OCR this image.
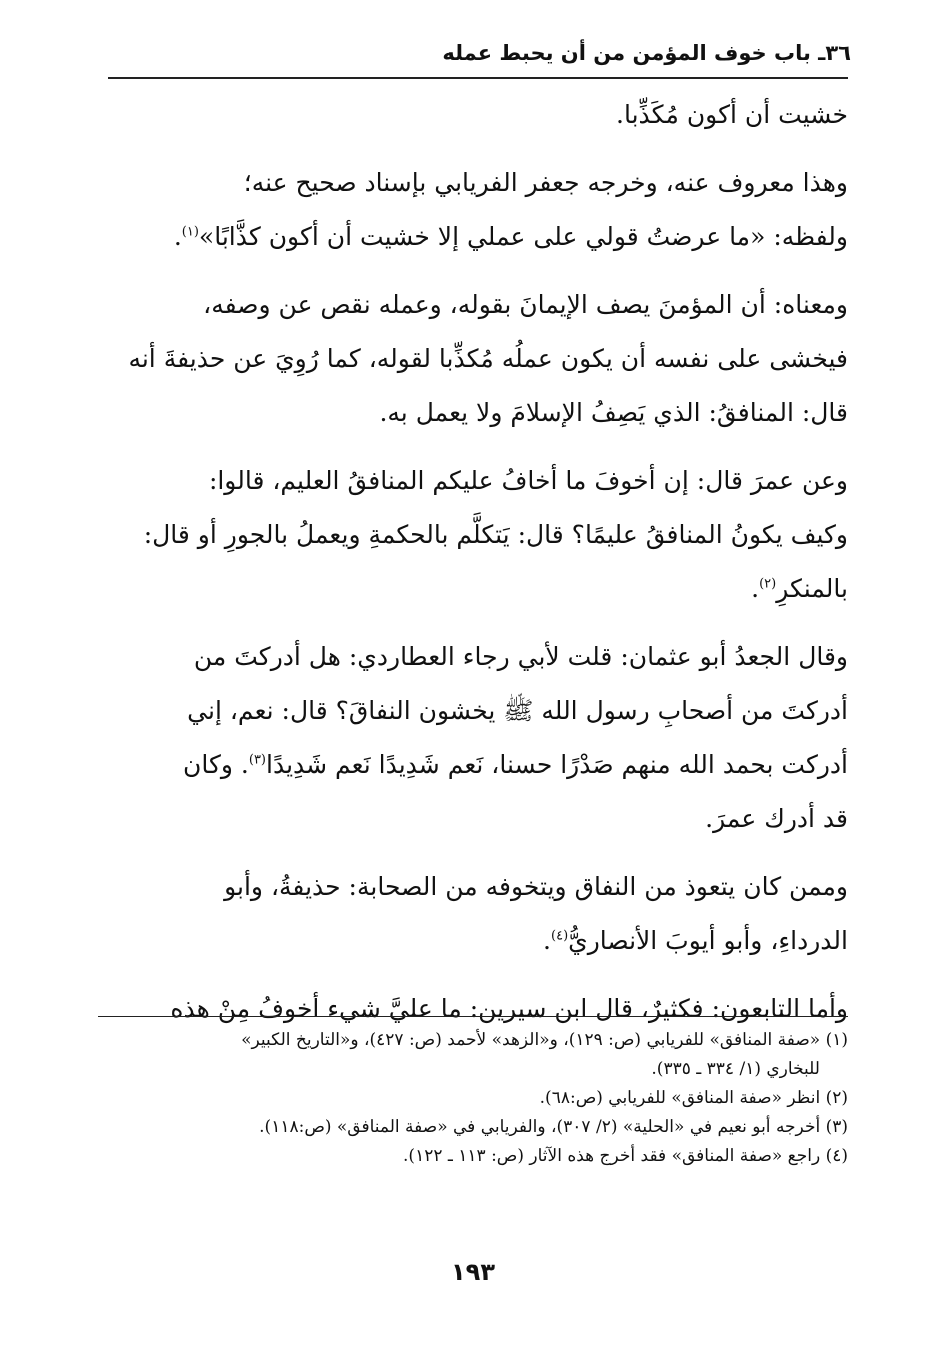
٣٦ـ باب خوف المؤمن من أن يحبط عمله
خشيت أن أكون مُكَذِّبا.
وهذا معروف عنه، وخرجه جعفر الفريابي بإسناد صحيح عنه؛
ولفظه: «ما عرضتُ قولي على عملي إلا خشيت أن أكون كذَّابًا»$^{(١)}$.
ومعناه: أن المؤمنَ يصف الإيمانَ بقوله، وعمله نقص عن وصفه،
فيخشى على نفسه أن يكون عملُه مُكذِّبا لقوله، كما رُوِيَ عن حذيفةَ أنه
قال: المنافقُ: الذي يَصِفُ الإسلامَ ولا يعمل به.
وعن عمرَ قال: إن أخوفَ ما أخافُ عليكم المنافقُ العليم، قالوا:
وكيف يكونُ المنافقُ عليمًا؟ قال: يَتكلَّم بالحكمةِ ويعملُ بالجورِ أو قال:
بالمنكرِ$^{(٢)}$.
وقال الجعدُ أبو عثمان: قلت لأبي رجاء العطاردي: هل أدركتَ من
أدركتَ من أصحابِ رسول الله ﷺ يخشون النفاقَ؟ قال: نعم، إني
أدركت بحمد الله منهم صَدْرًا حسنا، نَعم شَدِيدًا نَعم شَدِيدًا$^{(٣)}$. وكان
قد أدرك عمرَ.
وممن كان يتعوذ من النفاق ويتخوفه من الصحابة: حذيفةُ، وأبو
الدرداءِ، وأبو أيوبَ الأنصاريُّ$^{(٤)}$.
وأما التابعون: فكثيرٌ، قال ابن سيرين: ما عليَّ شيء أخوفُ مِنْ هذه
(١) «صفة المنافق» للفريابي (ص: ١٢٩)، و«الزهد» لأحمد (ص: ٤٢٧)، و«التاريخ الكبير»
للبخاري (١/ ٣٣٤ ـ ٣٣٥).
(٢) انظر «صفة المنافق» للفريابي (ص:٦٨).
(٣) أخرجه أبو نعيم في «الحلية» (٢/ ٣٠٧)، والفريابي في «صفة المنافق» (ص:١١٨).
(٤) راجع «صفة المنافق» فقد أخرج هذه الآثار (ص: ١١٣ ـ ١٢٢).
١٩٣
